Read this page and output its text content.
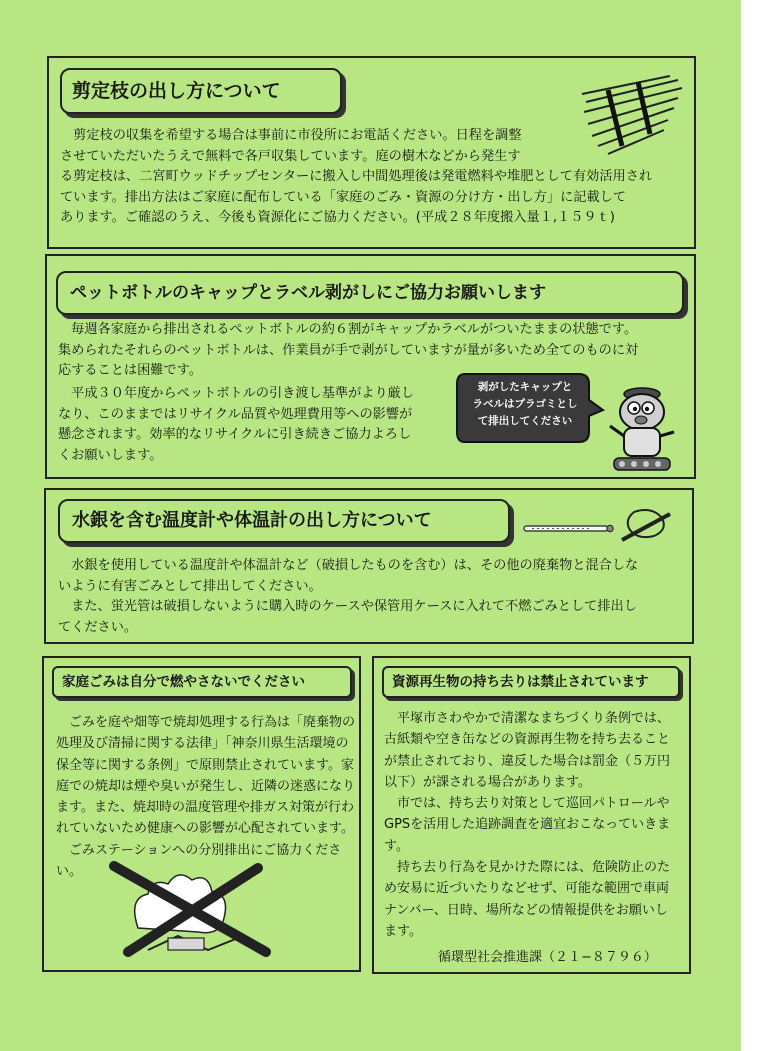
剪定枝の出し方について

　剪定枝の収集を希望する場合は事前に市役所にお電話ください。日程を調整
させていただいたうえで無料で各戸収集しています。庭の樹木などから発生す
る剪定枝は、二宮町ウッドチップセンターに搬入し中間処理後は発電燃料や堆肥として有効活用され
ています。排出方法はご家庭に配布している「家庭のごみ・資源の分け方・出し方」に記載して
あります。ご確認のうえ、今後も資源化にご協力ください。(平成２８年度搬入量１,１５９ｔ)

ペットボトルのキャップとラベル剥がしにご協力お願いします

　毎週各家庭から排出されるペットボトルの約６割がキャップかラベルがついたままの状態です。
集められたそれらのペットボトルは、作業員が手で剥がしていますが量が多いため全てのものに対
応することは困難です。

　平成３０年度からペットボトルの引き渡し基準がより厳し
なり、このままではリサイクル品質や処理費用等への影響が
懸念されます。効率的なリサイクルに引き続きご協力よろし
くお願いします。

剥がしたキャップと
ラベルはプラゴミとし
て排出してください

水銀を含む温度計や体温計の出し方について

　水銀を使用している温度計や体温計など（破損したものを含む）は、その他の廃棄物と混合しな
いように有害ごみとして排出してください。
　また、蛍光管は破損しないように購入時のケースや保管用ケースに入れて不燃ごみとして排出し
てください。

家庭ごみは自分で燃やさないでください

　ごみを庭や畑等で焼却処理する行為は「廃棄物の
処理及び清掃に関する法律」「神奈川県生活環境の
保全等に関する条例」で原則禁止されています。家
庭での焼却は煙や臭いが発生し、近隣の迷惑になり
ます。また、焼却時の温度管理や排ガス対策が行わ
れていないため健康への影響が心配されています。
　ごみステーションへの分別排出にご協力くださ
い。

資源再生物の持ち去りは禁止されています

　平塚市さわやかで清潔なまちづくり条例では、
古紙類や空き缶などの資源再生物を持ち去ること
が禁止されており、違反した場合は罰金（５万円
以下）が課される場合があります。
　市では、持ち去り対策として巡回パトロールや
GPSを活用した追跡調査を適宜おこなっていきま
す。
　持ち去り行為を見かけた際には、危険防止のた
め安易に近づいたりなどせず、可能な範囲で車両
ナンバー、日時、場所などの情報提供をお願いし
ます。

循環型社会推進課（２１−８７９６）
